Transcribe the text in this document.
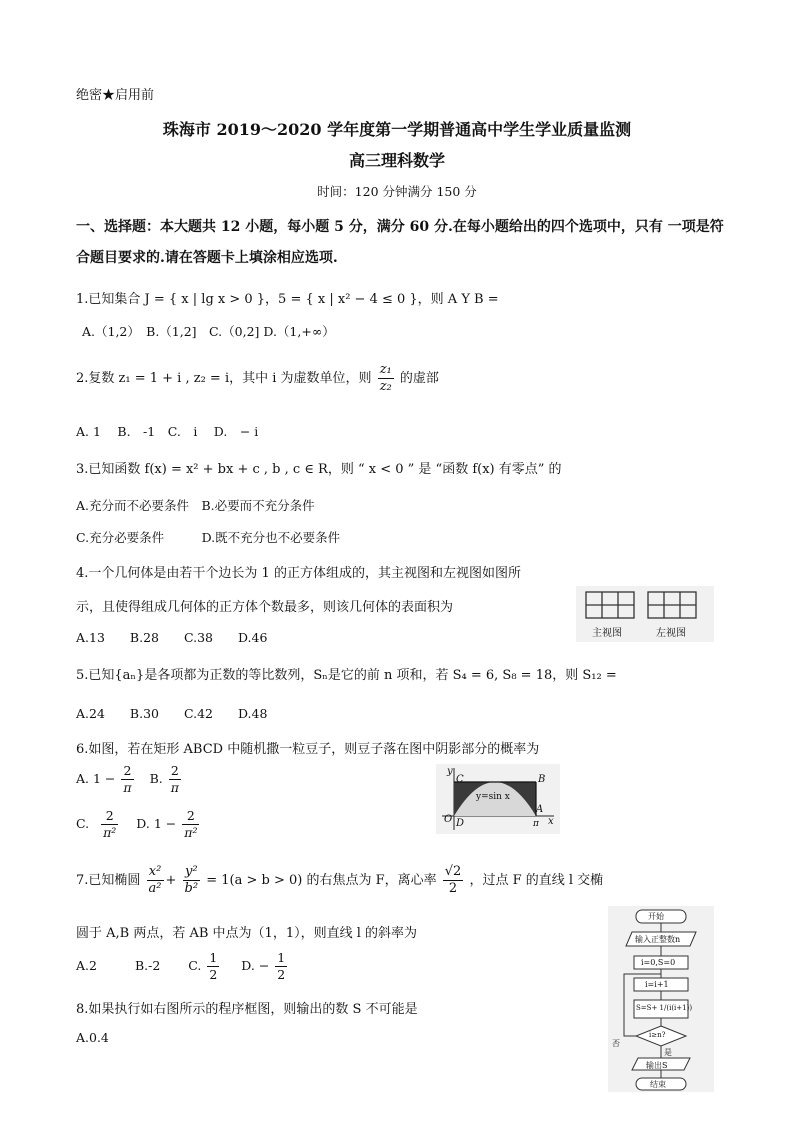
绝密★启用前
珠海市 2019～2020 学年度第一学期普通高中学生学业质量监测
高三理科数学
时间：120 分钟满分 150 分
一、选择题：本大题共 12 小题，每小题 5 分，满分 60 分.在每小题给出的四个选项中，只有 一项是符合题目要求的.请在答题卡上填涂相应选项.
1.已知集合 J = { x | lg x > 0 }，5 = { x | x² − 4 ≤ 0 }，则 A Y B =
A.（1,2）　B.（1,2]　C.（0,2] D.（1,+∞）
2.复数 z₁ = 1 + i , z₂ = i，其中 i 为虚数单位，则 $\frac{\text{z₁}}{\text{z₂}}$ 的虚部
A. 1　 B.　-1　C.　i　 D.　− i
3.已知函数 f(x) = x² + bx + c , b , c ∈ R，则 “ x < 0 ” 是 “函数 f(x) 有零点” 的
A.充分而不必要条件　B.必要而不充分条件
C.充分必要条件　　　D.既不充分也不必要条件
4.一个几何体是由若干个边长为 1 的正方体组成的，其主视图和左视图如图所
示，且使得组成几何体的正方体个数最多，则该几何体的表面积为
A.13　　B.28　　C.38　　D.46	主视图	左视图
5.已知{aₙ}是各项都为正数的等比数列，Sₙ是它的前 n 项和，若 S₄ = 6, S₈ = 18，则 S₁₂ =
A.24　　B.30　　C.42　　D.48
6.如图，若在矩形 ABCD 中随机撒一粒豆子，则豆子落在图中阴影部分的概率为
A. $1 - \frac{2}{\pi} B$. $\frac{2}{\pi}$
C. $\frac{2}{\text{π²}} D$. $1 - \frac{2}{\text{π²}}$
y
C	B
y=sin x
O D
A
π x
7.已知椭圆 $\frac{\text{x²}}{\text{a²}} + \frac{\text{y²}}{\text{b²}} = 1(a > b > 0)$ 的右焦点为 F，离心率 $\frac{√2}{2}$ ，过点 F 的直线 l 交椭
圆于 A,B 两点，若 AB 中点为（1，1），则直线 l 的斜率为
A.2	B.-2 C. $\frac{1}{2} D$. − $\frac{1}{2}$
8.如果执行如右图所示的程序框图，则输出的数 S 不可能是
A.0.4
开始
输入正整数n
i=0,S=0
i=i+1
S=S+ 1/(i(i+1))
i≥n?
否
是
输出S
结束
